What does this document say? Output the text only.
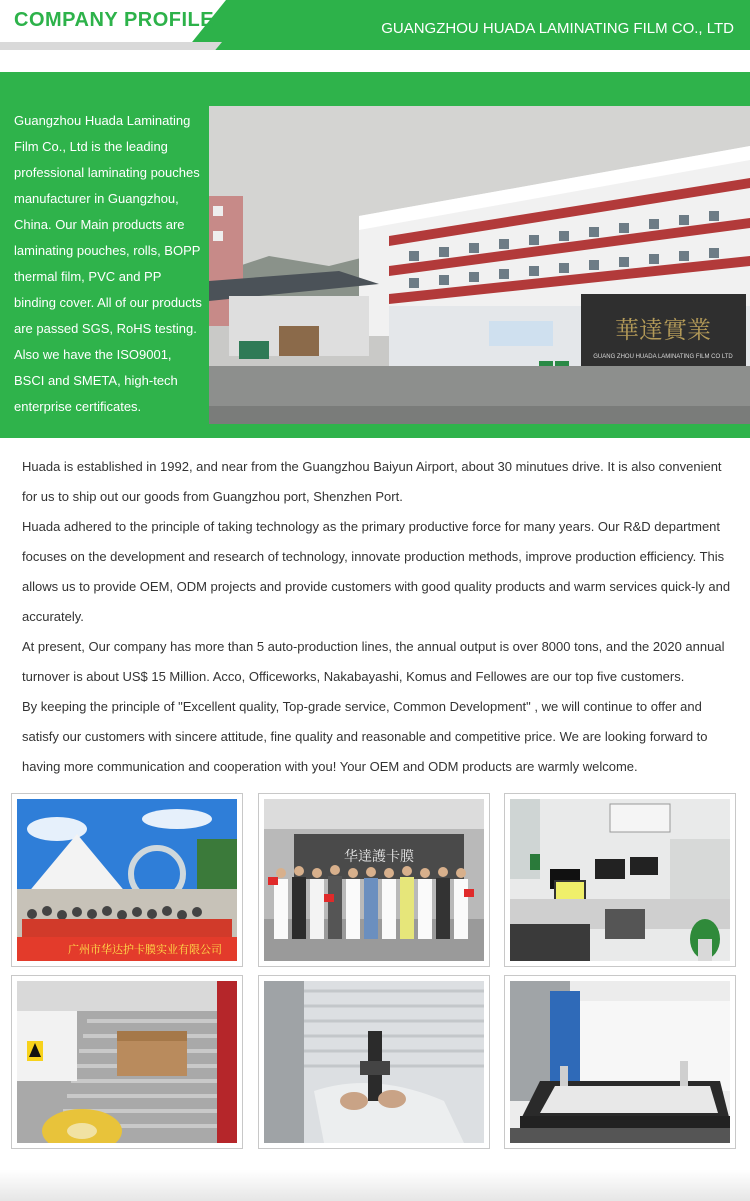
COMPANY PROFILE	GUANGZHOU HUADA LAMINATING FILM CO., LTD
Guangzhou Huada Laminating Film Co., Ltd is the leading professional laminating pouches manufacturer in Guangzhou, China. Our Main products are laminating pouches, rolls, BOPP thermal film, PVC and PP binding cover. All of our products are passed SGS, RoHS testing. Also we have the ISO9001, BSCI and SMETA, high-tech enterprise certificates.
華達實業
GUANG ZHOU HUADA LAMINATING FILM CO LTD

Huada is established in 1992, and near from the Guangzhou Baiyun Airport, about 30 minutues drive. It is also convenient for us to ship out our goods from Guangzhou port, Shenzhen Port.

Huada adhered to the principle of taking technology as the primary productive force for many years. Our R&D department focuses on the development and research of technology, innovate production methods, improve production efficiency. This allows us to provide OEM, ODM projects and provide customers with good quality products and warm services quick-ly and accurately.

At present, Our company has more than 5 auto-production lines, the annual output is over 8000 tons, and the 2020 annual turnover is about US$ 15 Million. Acco, Officeworks, Nakabayashi, Komus and Fellowes are our top five customers.

By keeping the principle of "Excellent quality, Top-grade service, Common Development" , we will continue to offer and satisfy our customers with sincere attitude, fine quality and reasonable and competitive price. We are looking forward to having more communication and cooperation with you! Your OEM and ODM products are warmly welcome.

广州市华达护卡膜实业有限公司
华達護卡膜
